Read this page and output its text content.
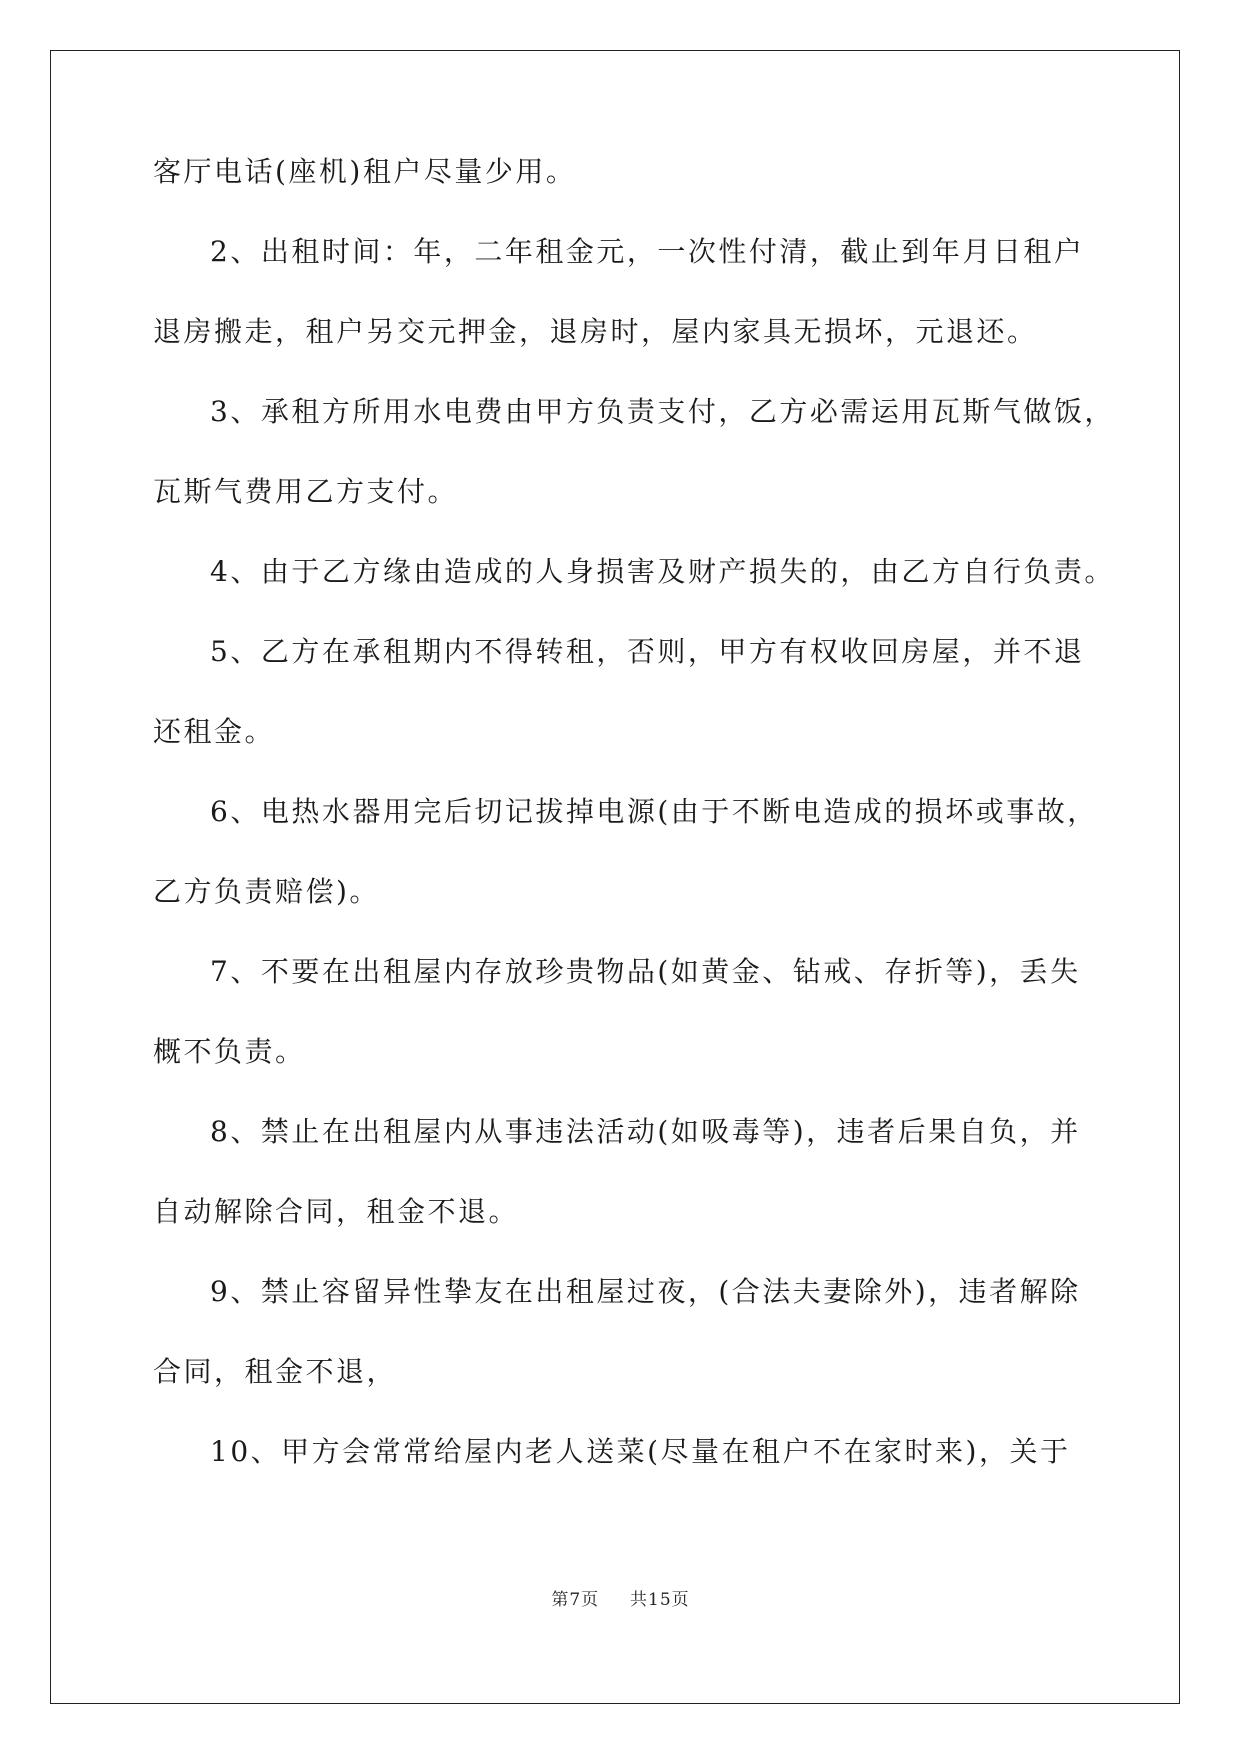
客厅电话(座机)租户尽量少用。
2、出租时间：年，二年租金元，一次性付清，截止到年月日租户
退房搬走，租户另交元押金，退房时，屋内家具无损坏，元退还。
3、承租方所用水电费由甲方负责支付，乙方必需运用瓦斯气做饭，
瓦斯气费用乙方支付。
4、由于乙方缘由造成的人身损害及财产损失的，由乙方自行负责。
5、乙方在承租期内不得转租，否则，甲方有权收回房屋，并不退
还租金。
6、电热水器用完后切记拔掉电源(由于不断电造成的损坏或事故，
乙方负责赔偿)。
7、不要在出租屋内存放珍贵物品(如黄金、钻戒、存折等)，丢失
概不负责。
8、禁止在出租屋内从事违法活动(如吸毒等)，违者后果自负，并
自动解除合同，租金不退。
9、禁止容留异性挚友在出租屋过夜，(合法夫妻除外)，违者解除
合同，租金不退，
10、甲方会常常给屋内老人送菜(尽量在租户不在家时来)，关于
第7页 共15页
